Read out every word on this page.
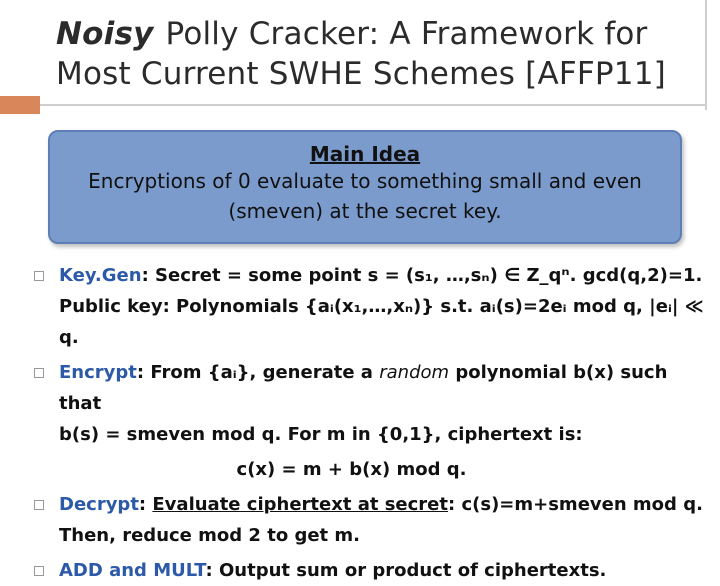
Noisy Polly Cracker: A Framework for
Most Current SWHE Schemes [AFFP11]
Main Idea
Encryptions of 0 evaluate to something small and even (smeven) at the secret key.
Key.Gen: Secret = some point s = (s₁, …,sₙ) ∈ Z_qⁿ. gcd(q,2)=1.
Public key: Polynomials {aᵢ(x₁,…,xₙ)} s.t. aᵢ(s)=2eᵢ mod q, |eᵢ| ≪ q.
Encrypt: From {aᵢ}, generate a random polynomial b(x) such that
b(s) = smeven mod q. For m in {0,1}, ciphertext is:
c(x) = m + b(x) mod q.
Decrypt: Evaluate ciphertext at secret: c(s)=m+smeven mod q.
Then, reduce mod 2 to get m.
ADD and MULT: Output sum or product of ciphertexts.
